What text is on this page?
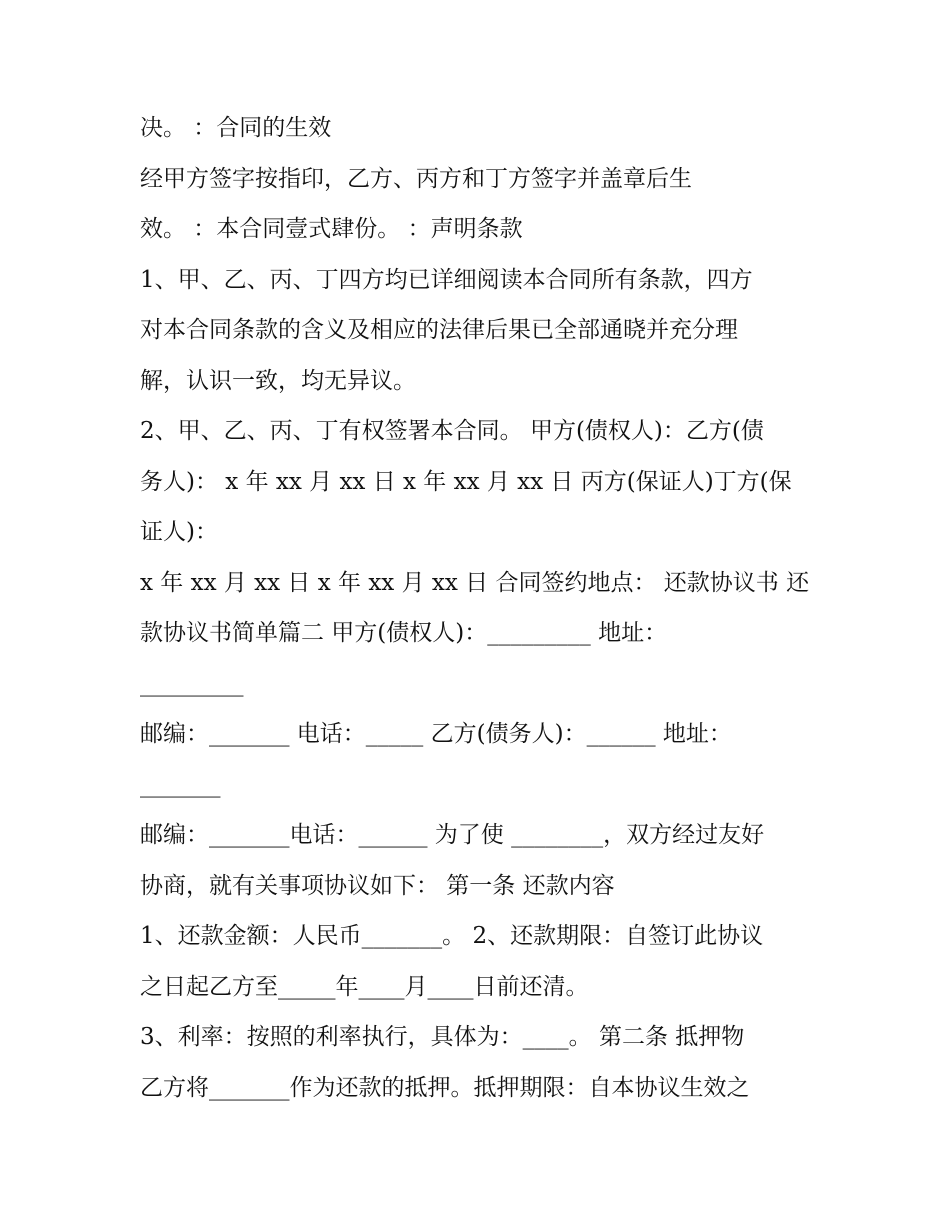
决。 ：合同的生效

经甲方签字按指印，乙方、丙方和丁方签字并盖章后生

效。 ：本合同壹式肆份。 ：声明条款

1、甲、乙、丙、丁四方均已详细阅读本合同所有条款，四方

对本合同条款的含义及相应的法律后果已全部通晓并充分理

解，认识一致，均无异议。

2、甲、乙、丙、丁有权签署本合同。 甲方(债权人)：乙方(债

务人)： x 年 xx 月 xx 日 x 年 xx 月 xx 日 丙方(保证人)丁方(保

证人)：

x 年 xx 月 xx 日 x 年 xx 月 xx 日 合同签约地点： 还款协议书 还

款协议书简单篇二 甲方(债权人)：_________ 地址：

_________

邮编：_______ 电话：_____ 乙方(债务人)：______ 地址：

_______

邮编：_______电话：______ 为了使 ________，双方经过友好

协商，就有关事项协议如下： 第一条 还款内容

1、还款金额：人民币_______。 2、还款期限：自签订此协议

之日起乙方至_____年____月____日前还清。

3、利率：按照的利率执行，具体为：____。 第二条 抵押物

乙方将_______作为还款的抵押。抵押期限：自本协议生效之
